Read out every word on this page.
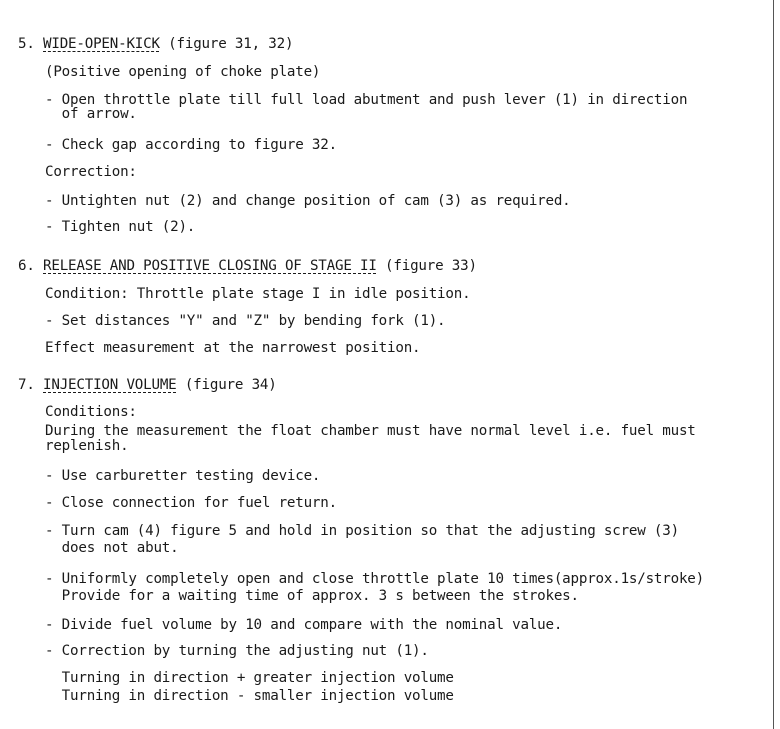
5. WIDE-OPEN-KICK (figure 31, 32)
(Positive opening of choke plate)
- Open throttle plate till full load abutment and push lever (1) in direction
of arrow.
- Check gap according to figure 32.
Correction:
- Untighten nut (2) and change position of cam (3) as required.
- Tighten nut (2).
6. RELEASE AND POSITIVE CLOSING OF STAGE II (figure 33)
Condition: Throttle plate stage I in idle position.
- Set distances "Y" and "Z" by bending fork (1).
Effect measurement at the narrowest position.
7. INJECTION VOLUME (figure 34)
Conditions:
During the measurement the float chamber must have normal level i.e. fuel must
replenish.
- Use carburetter testing device.
- Close connection for fuel return.
- Turn cam (4) figure 5 and hold in position so that the adjusting screw (3)
does not abut.
- Uniformly completely open and close throttle plate 10 times(approx.1s/stroke)
Provide for a waiting time of approx. 3 s between the strokes.
- Divide fuel volume by 10 and compare with the nominal value.
- Correction by turning the adjusting nut (1).
Turning in direction + greater injection volume
Turning in direction - smaller injection volume
